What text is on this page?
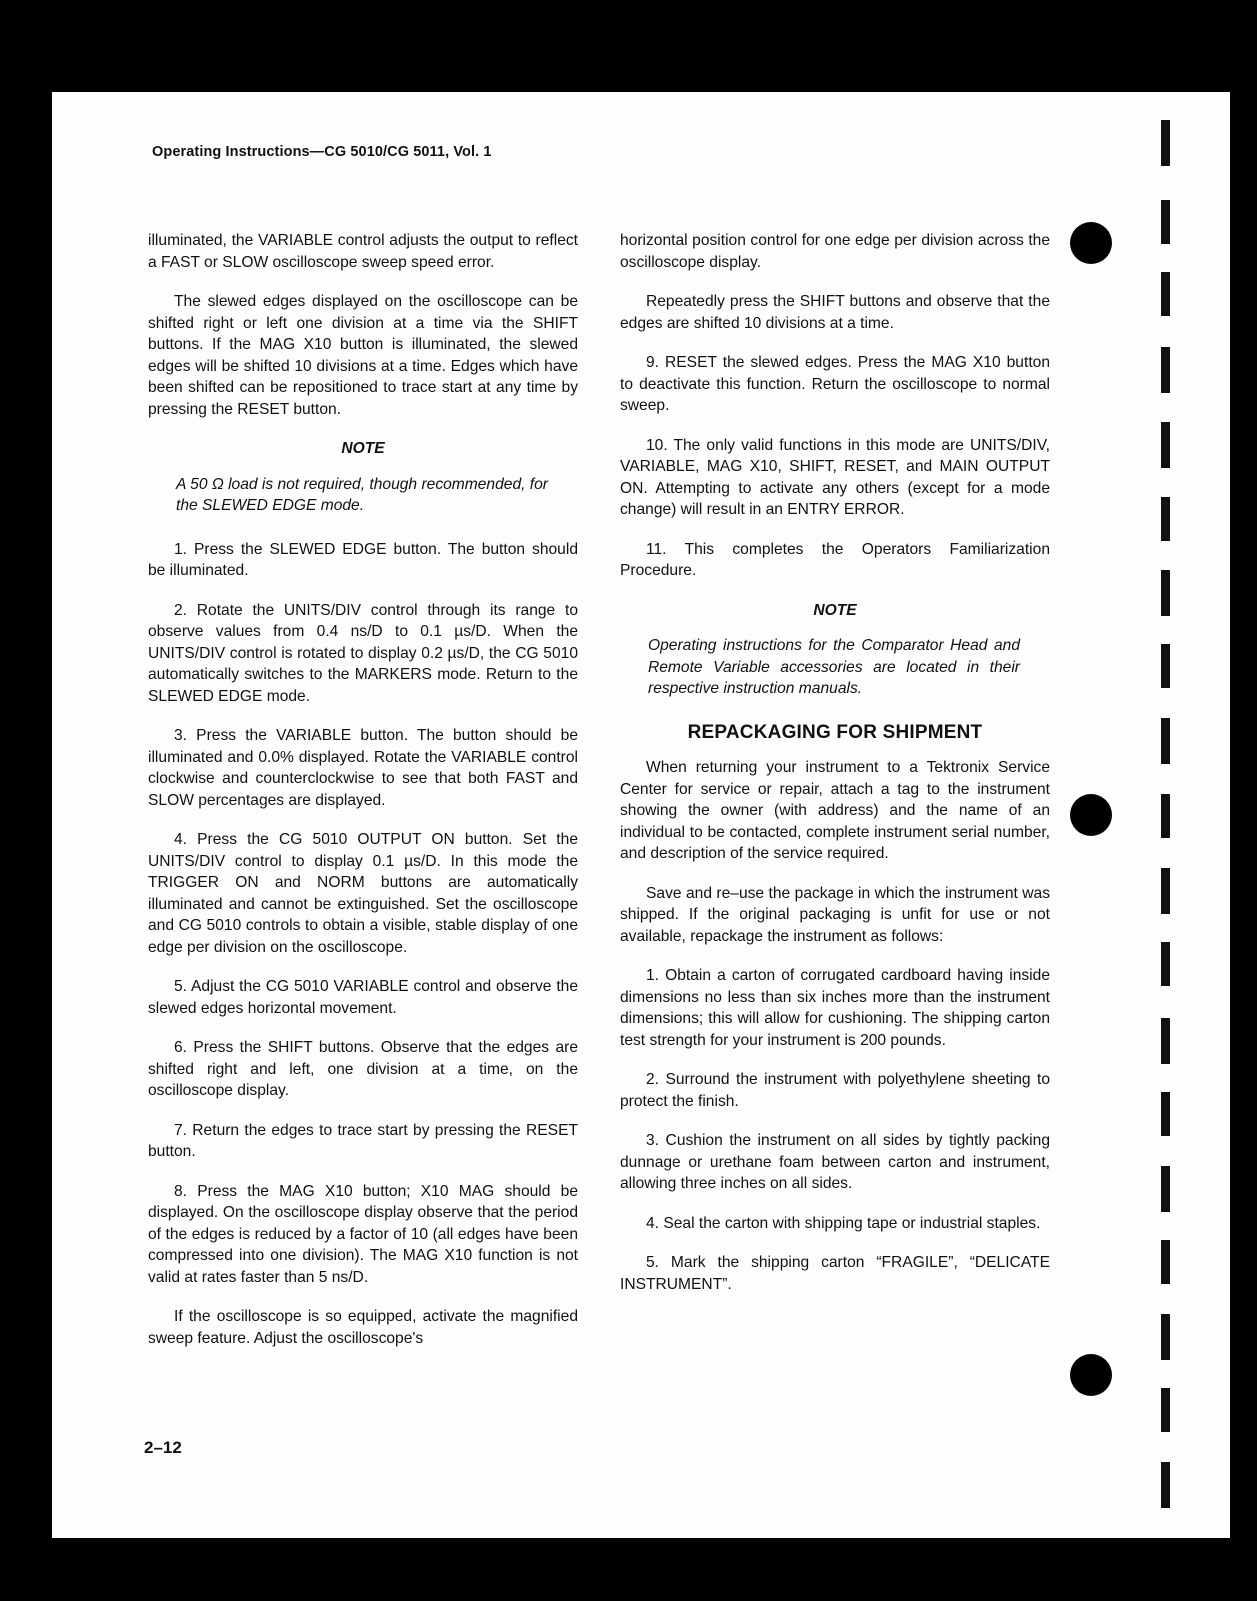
Operating Instructions—CG 5010/CG 5011, Vol. 1

illuminated, the VARIABLE control adjusts the output to reflect a FAST or SLOW oscilloscope sweep speed error.

The slewed edges displayed on the oscilloscope can be shifted right or left one division at a time via the SHIFT buttons. If the MAG X10 button is illuminated, the slewed edges will be shifted 10 divisions at a time. Edges which have been shifted can be repositioned to trace start at any time by pressing the RESET button.

NOTE
A 50 Ω load is not required, though recommended, for the SLEWED EDGE mode.

1. Press the SLEWED EDGE button. The button should be illuminated.

2. Rotate the UNITS/DIV control through its range to observe values from 0.4 ns/D to 0.1 µs/D. When the UNITS/DIV control is rotated to display 0.2 µs/D, the CG 5010 automatically switches to the MARKERS mode. Return to the SLEWED EDGE mode.

3. Press the VARIABLE button. The button should be illuminated and 0.0% displayed. Rotate the VARIABLE control clockwise and counterclockwise to see that both FAST and SLOW percentages are displayed.

4. Press the CG 5010 OUTPUT ON button. Set the UNITS/DIV control to display 0.1 µs/D. In this mode the TRIGGER ON and NORM buttons are automatically illuminated and cannot be extinguished. Set the oscilloscope and CG 5010 controls to obtain a visible, stable display of one edge per division on the oscilloscope.

5. Adjust the CG 5010 VARIABLE control and observe the slewed edges horizontal movement.

6. Press the SHIFT buttons. Observe that the edges are shifted right and left, one division at a time, on the oscilloscope display.

7. Return the edges to trace start by pressing the RESET button.

8. Press the MAG X10 button; X10 MAG should be displayed. On the oscilloscope display observe that the period of the edges is reduced by a factor of 10 (all edges have been compressed into one division). The MAG X10 function is not valid at rates faster than 5 ns/D.

If the oscilloscope is so equipped, activate the magnified sweep feature. Adjust the oscilloscope's

horizontal position control for one edge per division across the oscilloscope display.

Repeatedly press the SHIFT buttons and observe that the edges are shifted 10 divisions at a time.

9. RESET the slewed edges. Press the MAG X10 button to deactivate this function. Return the oscilloscope to normal sweep.

10. The only valid functions in this mode are UNITS/DIV, VARIABLE, MAG X10, SHIFT, RESET, and MAIN OUTPUT ON. Attempting to activate any others (except for a mode change) will result in an ENTRY ERROR.

11. This completes the Operators Familiarization Procedure.

NOTE
Operating instructions for the Comparator Head and Remote Variable accessories are located in their respective instruction manuals.
REPACKAGING FOR SHIPMENT

When returning your instrument to a Tektronix Service Center for service or repair, attach a tag to the instrument showing the owner (with address) and the name of an individual to be contacted, complete instrument serial number, and description of the service required.

Save and re–use the package in which the instrument was shipped. If the original packaging is unfit for use or not available, repackage the instrument as follows:

1. Obtain a carton of corrugated cardboard having inside dimensions no less than six inches more than the instrument dimensions; this will allow for cushioning. The shipping carton test strength for your instrument is 200 pounds.

2. Surround the instrument with polyethylene sheeting to protect the finish.

3. Cushion the instrument on all sides by tightly packing dunnage or urethane foam between carton and instrument, allowing three inches on all sides.

4. Seal the carton with shipping tape or industrial staples.

5. Mark the shipping carton “FRAGILE”, “DELICATE INSTRUMENT”.

2–12
